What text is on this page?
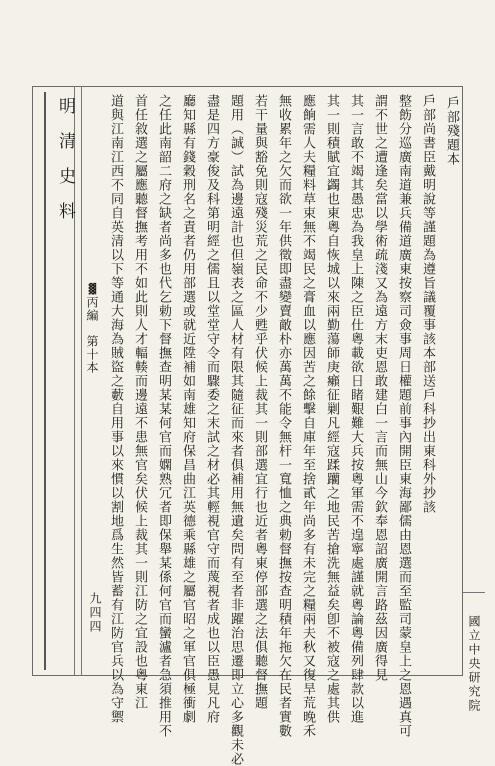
明清史料
▓丙編　第十本
九四四
國立中央研究院
戶部殘題本
戶部尚書臣戴明說等謹題為遵旨議覆事該本部送戶科抄出東科外抄該
整飭分巡廣南道兼兵備道廣東按察司僉事周日權題前事內開臣東海鄙儒由恩選而至監司蒙皇上之恩遇真可
謂不世之遭逢矣當以學術疏淺又為遠方末吏恩敢建白一言而無山今欽奉恩詔廣開言路茲因廣得見
其一言敢不竭其愚忠為我皇上陳之臣仕粵載欲日睹艱難大兵按粵軍需不遑寧處謹就粵論粵備列肆款以進
其一則積賦宜蠲也東粵自恢城以來兩勤蕩師庚癩征剿凡經寇蹂躪之地民苦搶洗無益矣卽不被寇之處其供
應餉需人夫糧料草束無不竭民之膏血以應因苦之餘擊自庫年至捨貳年尚多有未完之糧兩夫秋又復旱荒晚禾
無收累年之欠而欲一年供徵即盡變賣敵朴亦萬萬不能令無杆一寬恤之典勅督撫按查明積年拖欠在民者實數
若干量與豁免則寇殘災荒之民命不少甦乎伏候上裁其一則部選宜行也近者粵東停部選之法俱聽督撫題
題用（誠）試為邊遠計也但嶺表之區人材有限其隨征而來者俱補用無遺矣問有至者非躍治思遷即立心多觀未必
盡是四方豪俊及科第明經之儒且以堂堂守令而驟委之末試之材必其輕視官守而蔑視者成也以臣愚見凡府
廳知縣有錢穀刑名之責者仍用部選或就近陞補如南雄知府保昌曲江英德乘縣雄之屬官昭之軍官俱極衝劇
之任此南韶二府之缺者尚多也代乞勅下督撫查明某某何官而嫻熟冗者即保舉某係何官而蠻瀘者急須推用不
首任敘選之屬應聽督撫考用不如此則人才輻輳而邊遠不患無官矣伏候上裁其一則江防之宜設也粵東江
道與江南江西不同自英清以下等通大海為賊盜之藪自用事以來慣以割地爲生然皆蓄有江防官兵以為守禦
